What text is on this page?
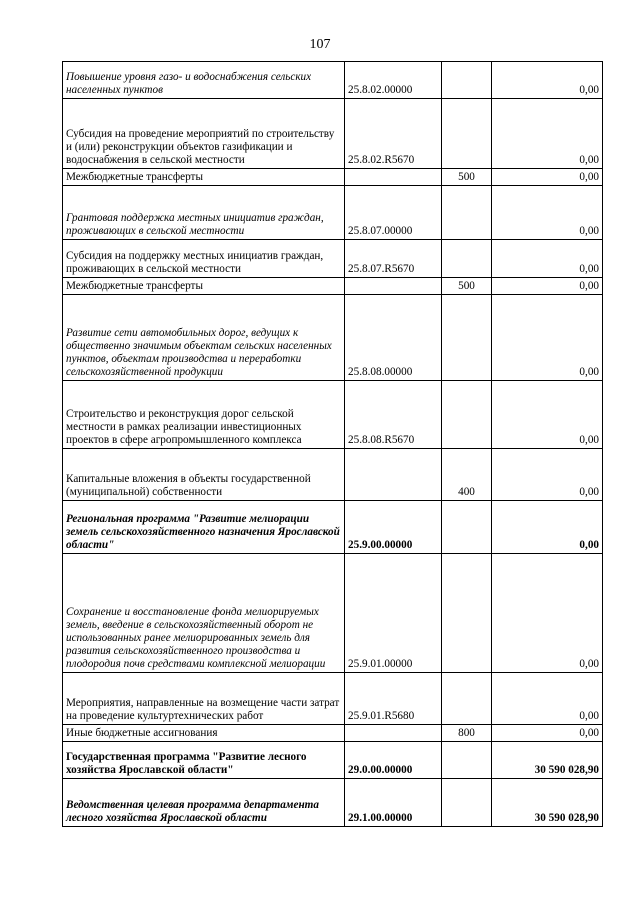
107
Повышение уровня газо- и водоснабжения сельских населенных пунктов	25.8.02.00000		0,00
Субсидия на проведение мероприятий по строительству и (или) реконструкции объектов газификации и водоснабжения в сельской местности	25.8.02.R5670		0,00
Межбюджетные трансферты		500	0,00
Грантовая поддержка местных инициатив граждан, проживающих в сельской местности	25.8.07.00000		0,00
Субсидия на поддержку местных инициатив граждан, проживающих в сельской местности	25.8.07.R5670		0,00
Межбюджетные трансферты		500	0,00
Развитие сети автомобильных дорог, ведущих к общественно значимым объектам сельских населенных пунктов, объектам производства и переработки сельскохозяйственной продукции	25.8.08.00000		0,00
Строительство и реконструкция дорог сельской местности в рамках реализации инвестиционных проектов в сфере агропромышленного комплекса	25.8.08.R5670		0,00
Капитальные вложения в объекты государственной (муниципальной) собственности		400	0,00
Региональная программа "Развитие мелиорации земель сельскохозяйственного назначения Ярославской области"	25.9.00.00000		0,00
Сохранение и восстановление фонда мелиорируемых земель, введение в сельскохозяйственный оборот не использованных ранее мелиорированных земель для развития сельскохозяйственного производства и плодородия почв средствами комплексной мелиорации	25.9.01.00000		0,00
Мероприятия, направленные на возмещение части затрат на проведение культуртехнических работ	25.9.01.R5680		0,00
Иные бюджетные ассигнования		800	0,00
Государственная программа "Развитие лесного хозяйства Ярославской области"	29.0.00.00000		30 590 028,90
Ведомственная целевая программа департамента лесного хозяйства Ярославской области	29.1.00.00000		30 590 028,90
